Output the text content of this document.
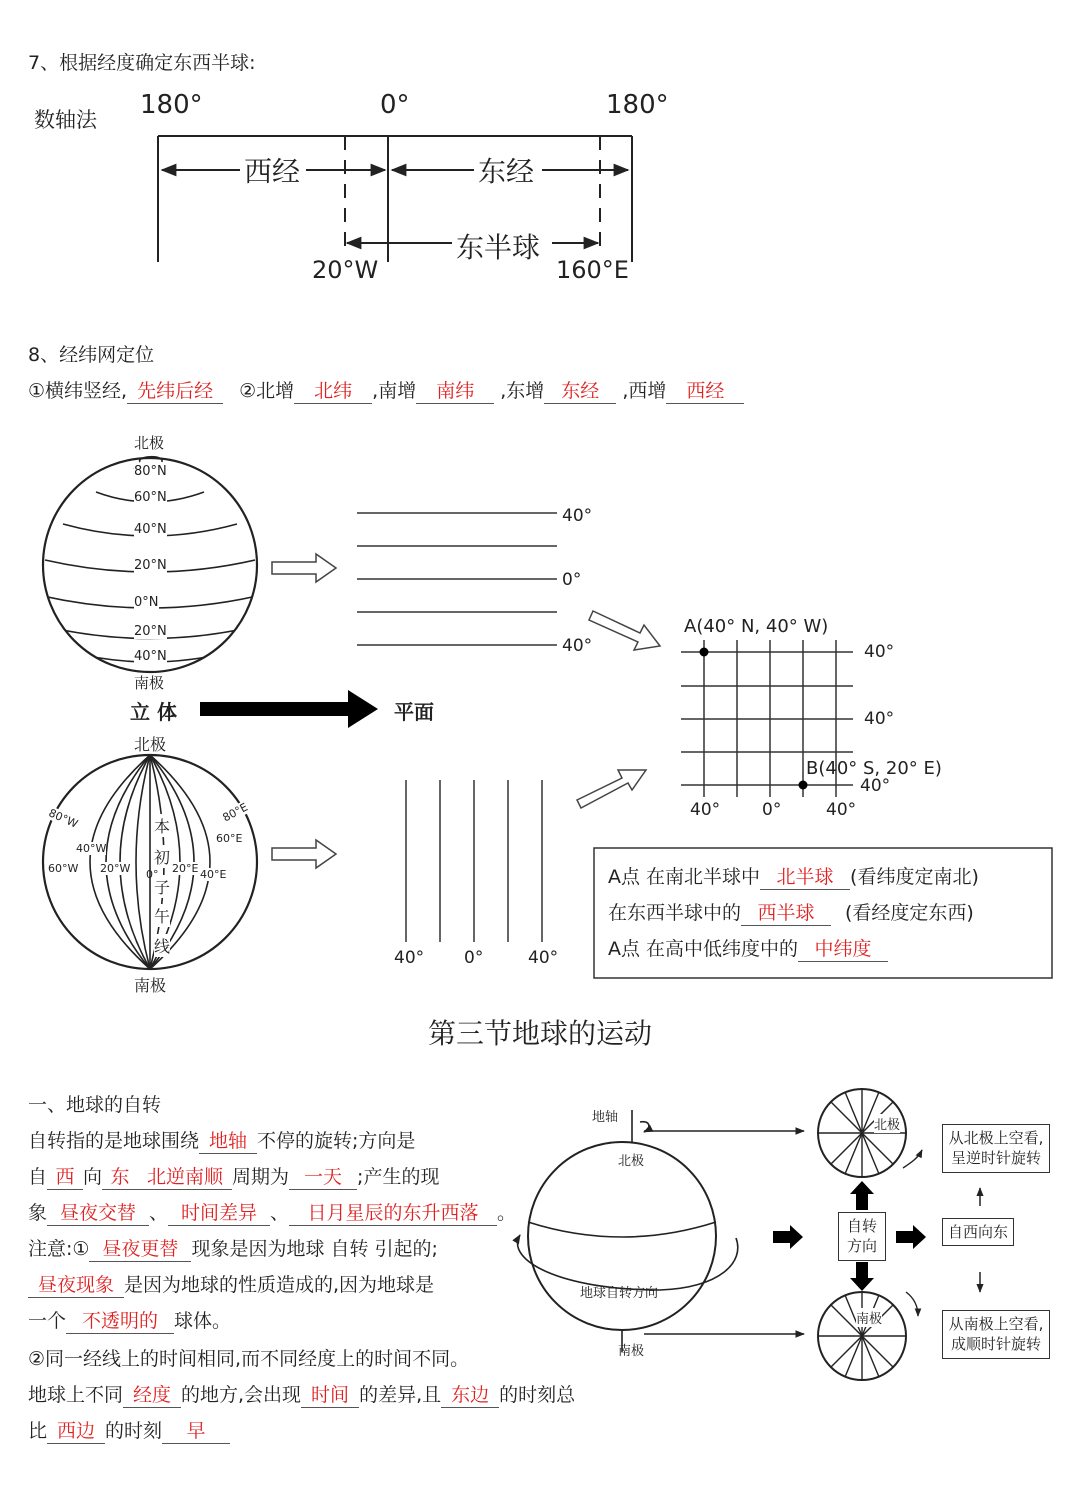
7、根据经度确定东西半球:
数轴法 180°	0°	180°
西经	东经
东半球
20°W	160°E
8、经纬网定位
①横纬竖经, 先纬后经 ②北增 北纬 ,南增 南纬 ,东增 东经 ,西增 西经
北极
南极
80°N
60°N
40°N
20°N
0°N
20°N
40°N
立 体	平面
北极
南极
本
初
子
午
线
80°W
60°W
40°W
20°W 0° 20°E 40°E
60°E
80°E
40°
0°
40°
40° 0°	40°
A(40° N, 40° W)
B(40° S, 20° E)
40°
40°
40°
40° 0°	40°
A点 在南北半球中 北半球 (看纬度定南北)
在东西半球中的 西半球 (看经度定东西)
A点 在高中低纬度中的 中纬度
第三节地球的运动
一、地球的自转
自转指的是地球围绕 地轴 不停的旋转;方向是
自 西 向 东 北逆南顺 周期为 一天 ;产生的现
象 昼夜交替 、 时间差异 、 日月星辰的东升西落 。
注意:① 昼夜更替 现象是因为地球 自转 引起的;
昼夜现象 是因为地球的性质造成的,因为地球是
一个 不透明的 球体。
②同一经线上的时间相同,而不同经度上的时间不同。
地球上不同 经度 的地方,会出现 时间 的差异,且 东边 的时刻总
比 西边 的时刻 早
地轴
北极
南极
地球自转方向
北极
南极
自转
方向
从北极上空看,
呈逆时针旋转
自西向东
从南极上空看,
成顺时针旋转
